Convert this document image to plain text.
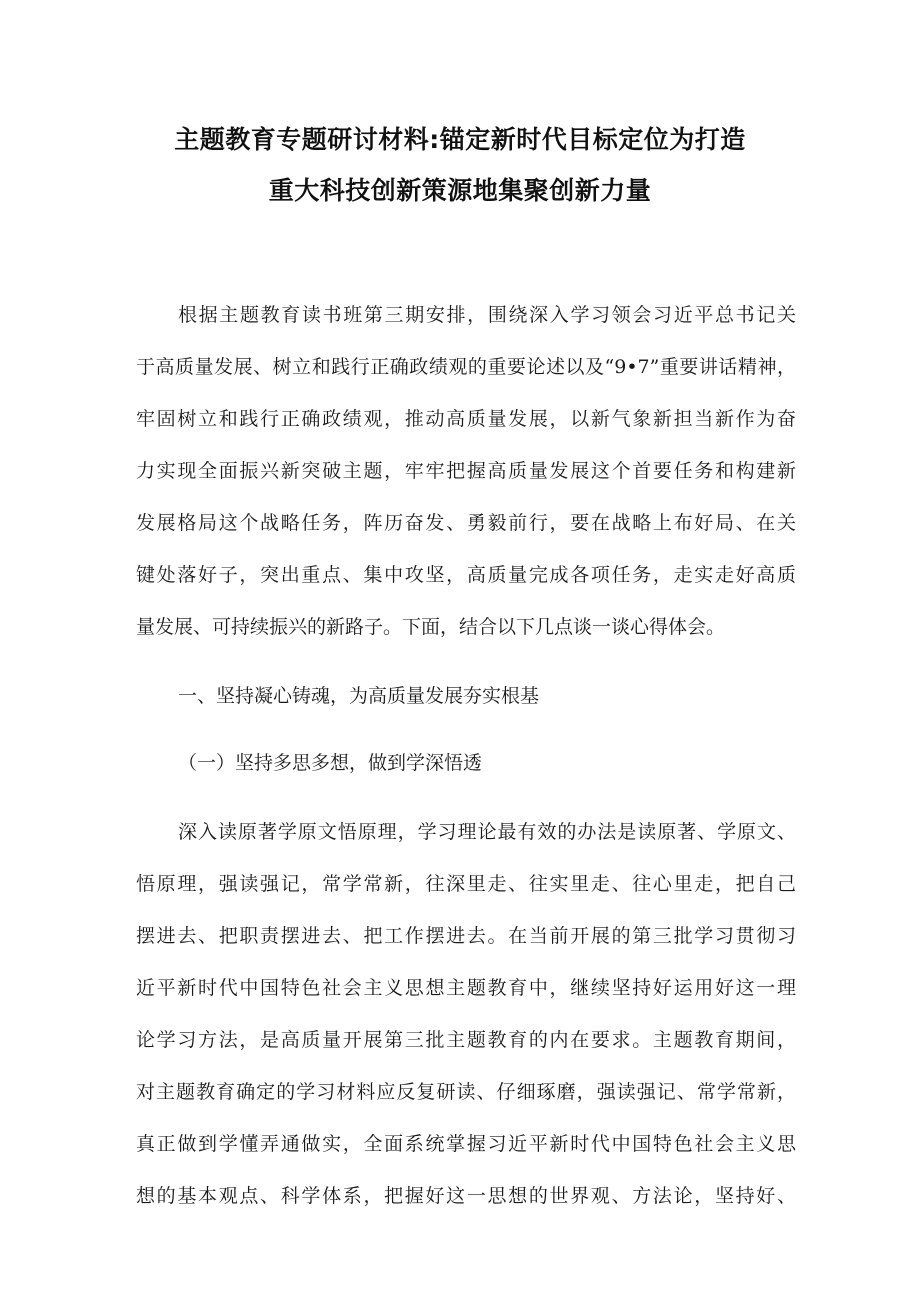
主题教育专题研讨材料:锚定新时代目标定位为打造
重大科技创新策源地集聚创新力量

根据主题教育读书班第三期安排，围绕深入学习领会习近平总书记关

于高质量发展、树立和践行正确政绩观的重要论述以及“9•7”重要讲话精神，

牢固树立和践行正确政绩观，推动高质量发展，以新气象新担当新作为奋

力实现全面振兴新突破主题，牢牢把握高质量发展这个首要任务和构建新

发展格局这个战略任务，阵历奋发、勇毅前行，要在战略上布好局、在关

键处落好子，突出重点、集中攻坚，高质量完成各项任务，走实走好高质

量发展、可持续振兴的新路子。下面，结合以下几点谈一谈心得体会。

一、坚持凝心铸魂，为高质量发展夯实根基

（一）坚持多思多想，做到学深悟透

深入读原著学原文悟原理，学习理论最有效的办法是读原著、学原文、

悟原理，强读强记，常学常新，往深里走、往实里走、往心里走，把自己

摆进去、把职责摆进去、把工作摆进去。在当前开展的第三批学习贯彻习

近平新时代中国特色社会主义思想主题教育中，继续坚持好运用好这一理

论学习方法，是高质量开展第三批主题教育的内在要求。主题教育期间，

对主题教育确定的学习材料应反复研读、仔细琢磨，强读强记、常学常新，

真正做到学懂弄通做实，全面系统掌握习近平新时代中国特色社会主义思

想的基本观点、科学体系，把握好这一思想的世界观、方法论，坚持好、
